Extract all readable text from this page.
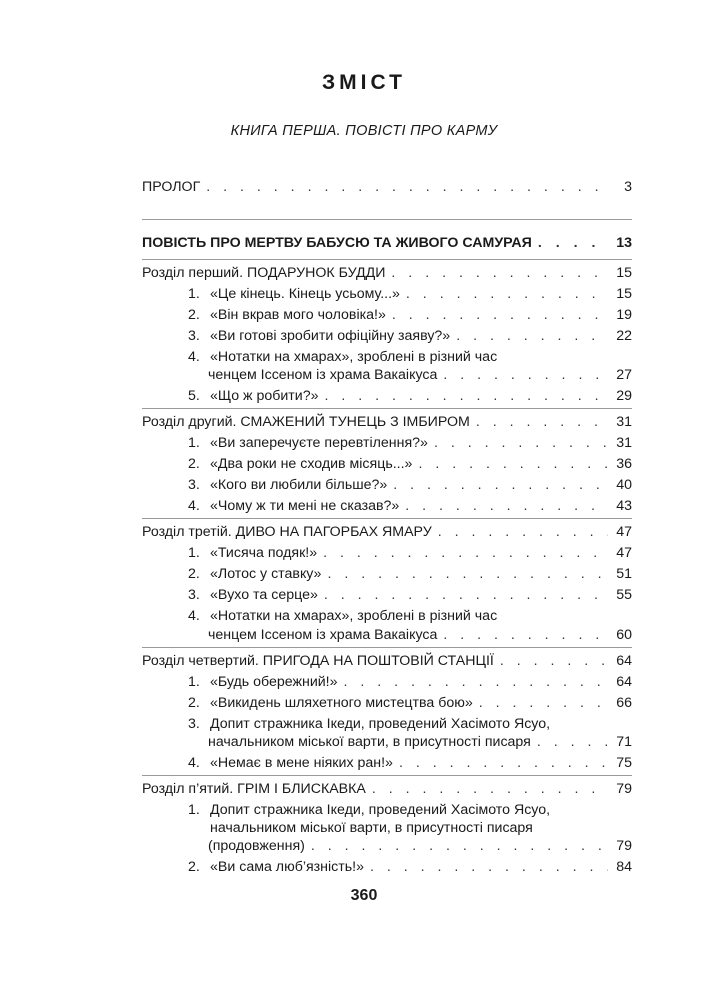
ЗМІСТ
КНИГА ПЕРША. ПОВІСТІ ПРО КАРМУ
ПРОЛОГ . . .	3
ПОВІСТЬ ПРО МЕРТВУ БАБУСЮ ТА ЖИВОГО САМУРАЯ . . .	13
Розділ перший. ПОДАРУНОК БУДДИ . . .	15
1. «Це кінець. Кінець усьому...» . . .	15
2. «Він вкрав мого чоловіка!» . . .	19
3. «Ви готові зробити офіційну заяву?» . . .	22
4. «Нотатки на хмарах», зроблені в різний час
ченцем Іссеном із храма Вакаікуса . . .	27
5. «Що ж робити?» . . .	29
Розділ другий. СМАЖЕНИЙ ТУНЕЦЬ З ІМБИРОМ . . .	31
1. «Ви заперечуєте перевтілення?» . . .	31
2. «Два роки не сходив місяць...» . . .	36
3. «Кого ви любили більше?» . . .	40
4. «Чому ж ти мені не сказав?» . . .	43
Розділ третій. ДИВО НА ПАГОРБАХ ЯМАРУ . . .	47
1. «Тисяча подяк!» . . .	47
2. «Лотос у ставку» . . .	51
3. «Вухо та серце» . . .	55
4. «Нотатки на хмарах», зроблені в різний час
ченцем Іссеном із храма Вакаікуса . . .	60
Розділ четвертий. ПРИГОДА НА ПОШТОВІЙ СТАНЦІЇ . . .	64
1. «Будь обережний!» . . .	64
2. «Викидень шляхетного мистецтва бою» . . .	66
3. Допит стражника Ікеди, проведений Хасімото Ясуо,
начальником міської варти, в присутності писаря . . .	71
4. «Немає в мене ніяких ран!» . . .	75
Розділ п’ятий. ГРІМ І БЛИСКАВКА . . .	79
1. Допит стражника Ікеди, проведений Хасімото Ясуо,
начальником міської варти, в присутності писаря
(продовження) . . .	79
2. «Ви сама люб’язність!» . . .	84
360
